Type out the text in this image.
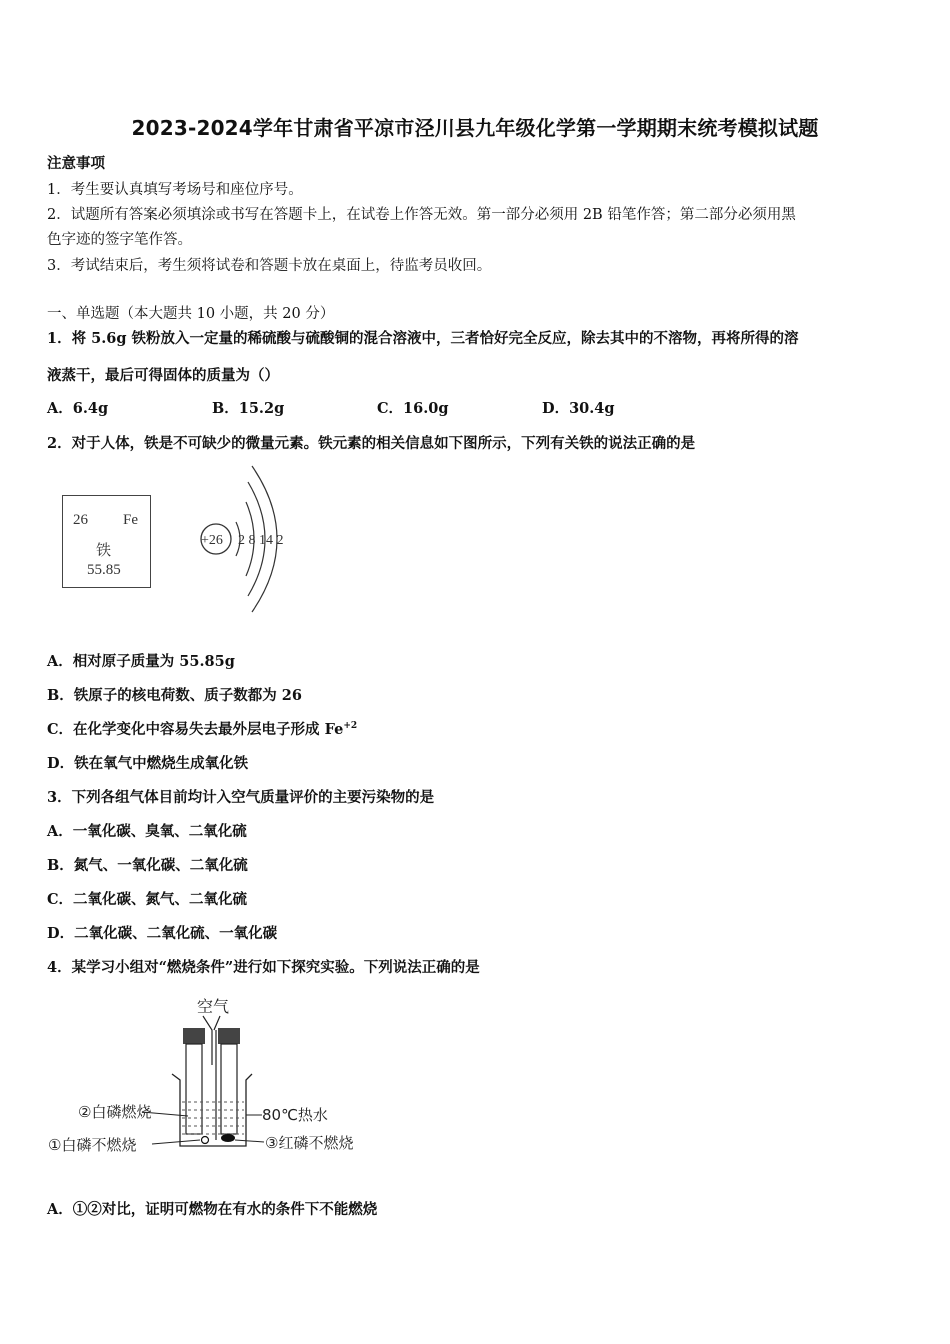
2023-2024学年甘肃省平凉市泾川县九年级化学第一学期期末统考模拟试题
注意事项
1．考生要认真填写考场号和座位序号。
2．试题所有答案必须填涂或书写在答题卡上，在试卷上作答无效。第一部分必须用 2B 铅笔作答；第二部分必须用黑
色字迹的签字笔作答。
3．考试结束后，考生须将试卷和答题卡放在桌面上，待监考员收回。
一、单选题（本大题共 10 小题，共 20 分）
1．将 5.6g 铁粉放入一定量的稀硫酸与硫酸铜的混合溶液中，三者恰好完全反应，除去其中的不溶物，再将所得的溶
液蒸干，最后可得固体的质量为（）
A．6.4g	B．15.2g	C．16.0g	D．30.4g
2．对于人体，铁是不可缺少的微量元素。铁元素的相关信息如下图所示，下列有关铁的说法正确的是
26 Fe
铁
55.85
+26 2 8 14 2
A．相对原子质量为 55.85g
B．铁原子的核电荷数、质子数都为 26
C．在化学变化中容易失去最外层电子形成 $Fe^{+2}$
D．铁在氧气中燃烧生成氧化铁
3．下列各组气体目前均计入空气质量评价的主要污染物的是
A．一氧化碳、臭氧、二氧化硫
B．氮气、一氧化碳、二氧化硫
C．二氧化碳、氮气、二氧化硫
D．二氧化碳、二氧化硫、一氧化碳
4．某学习小组对“燃烧条件”进行如下探究实验。下列说法正确的是
空气
②白磷燃烧
①白磷不燃烧
80℃热水
③红磷不燃烧
A．①②对比，证明可燃物在有水的条件下不能燃烧
